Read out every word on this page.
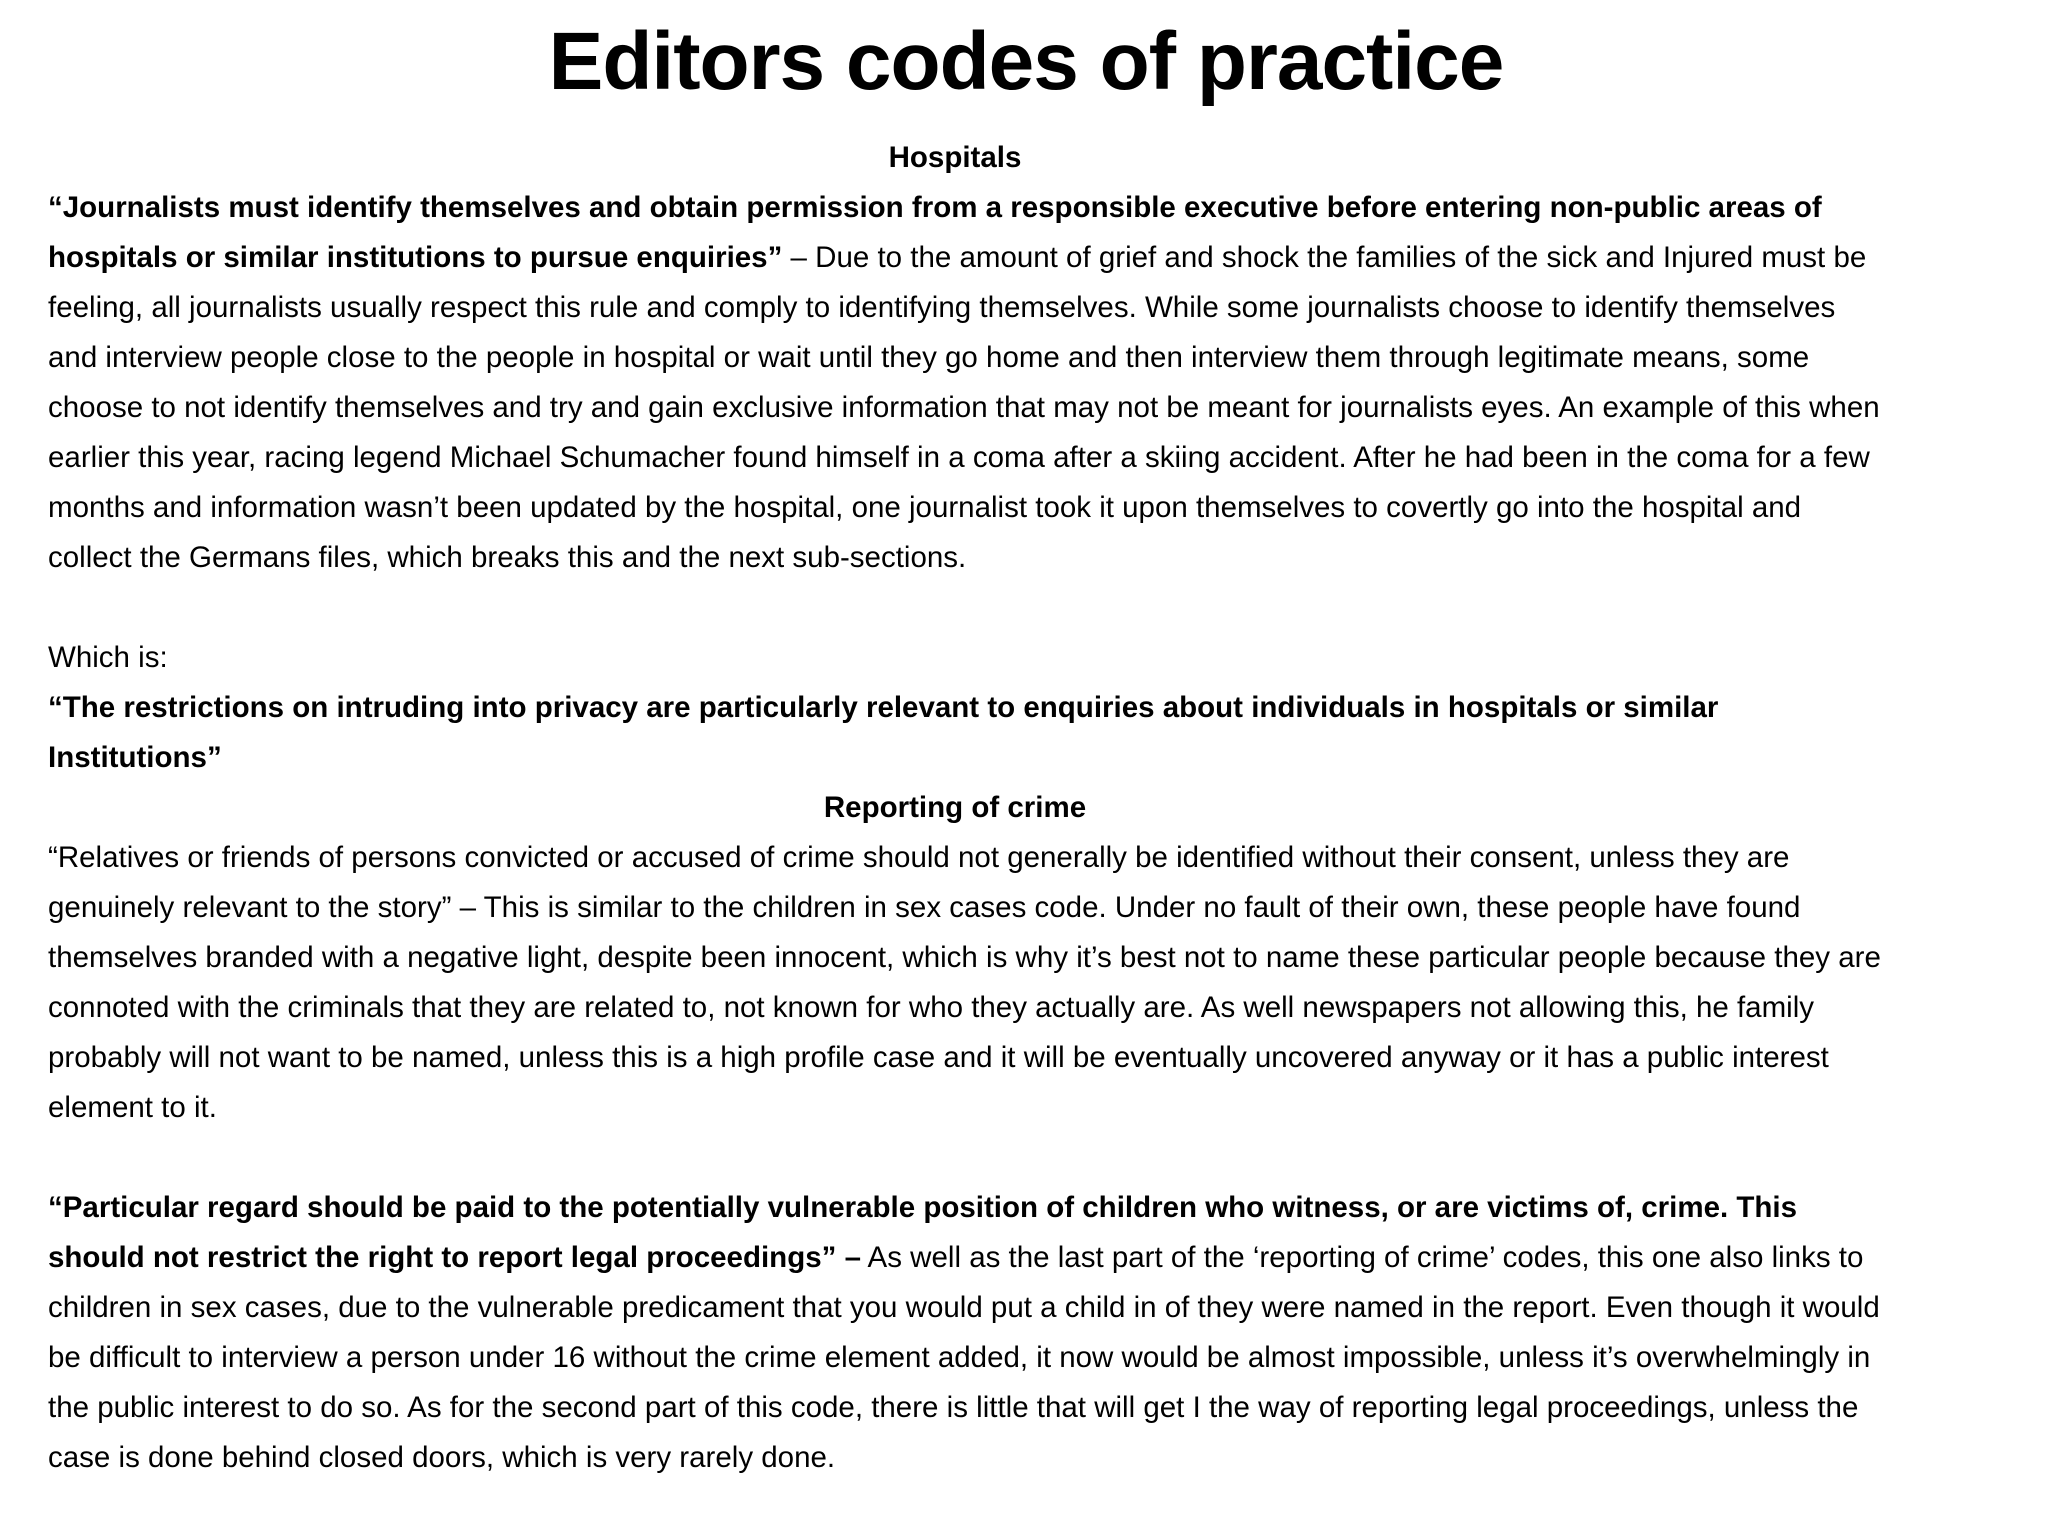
Editors codes of practice
Hospitals

“Journalists must identify themselves and obtain permission from a responsible executive before entering non-public areas of hospitals or similar institutions to pursue enquiries” – Due to the amount of grief and shock the families of the sick and Injured must be feeling, all journalists usually respect this rule and comply to identifying themselves. While some journalists choose to identify themselves and interview people close to the people in hospital or wait until they go home and then interview them through legitimate means, some choose to not identify themselves and try and gain exclusive information that may not be meant for journalists eyes. An example of this when earlier this year, racing legend Michael Schumacher found himself in a coma after a skiing accident. After he had been in the coma for a few months and information wasn’t been updated by the hospital, one journalist took it upon themselves to covertly go into the hospital and collect the Germans files, which breaks this and the next sub-sections.

Which is:

“The restrictions on intruding into privacy are particularly relevant to enquiries about individuals in hospitals or similar Institutions”

Reporting of crime

“Relatives or friends of persons convicted or accused of crime should not generally be identified without their consent, unless they are genuinely relevant to the story” – This is similar to the children in sex cases code. Under no fault of their own, these people have found themselves branded with a negative light, despite been innocent, which is why it’s best not to name these particular people because they are connoted with the criminals that they are related to, not known for who they actually are. As well newspapers not allowing this, he family probably will not want to be named, unless this is a high profile case and it will be eventually uncovered anyway or it has a public interest element to it.

“Particular regard should be paid to the potentially vulnerable position of children who witness, or are victims of, crime. This should not restrict the right to report legal proceedings” – As well as the last part of the ‘reporting of crime’ codes, this one also links to children in sex cases, due to the vulnerable predicament that you would put a child in of they were named in the report. Even though it would be difficult to interview a person under 16 without the crime element added, it now would be almost impossible, unless it’s overwhelmingly in the public interest to do so. As for the second part of this code, there is little that will get I the way of reporting legal proceedings, unless the case is done behind closed doors, which is very rarely done.
